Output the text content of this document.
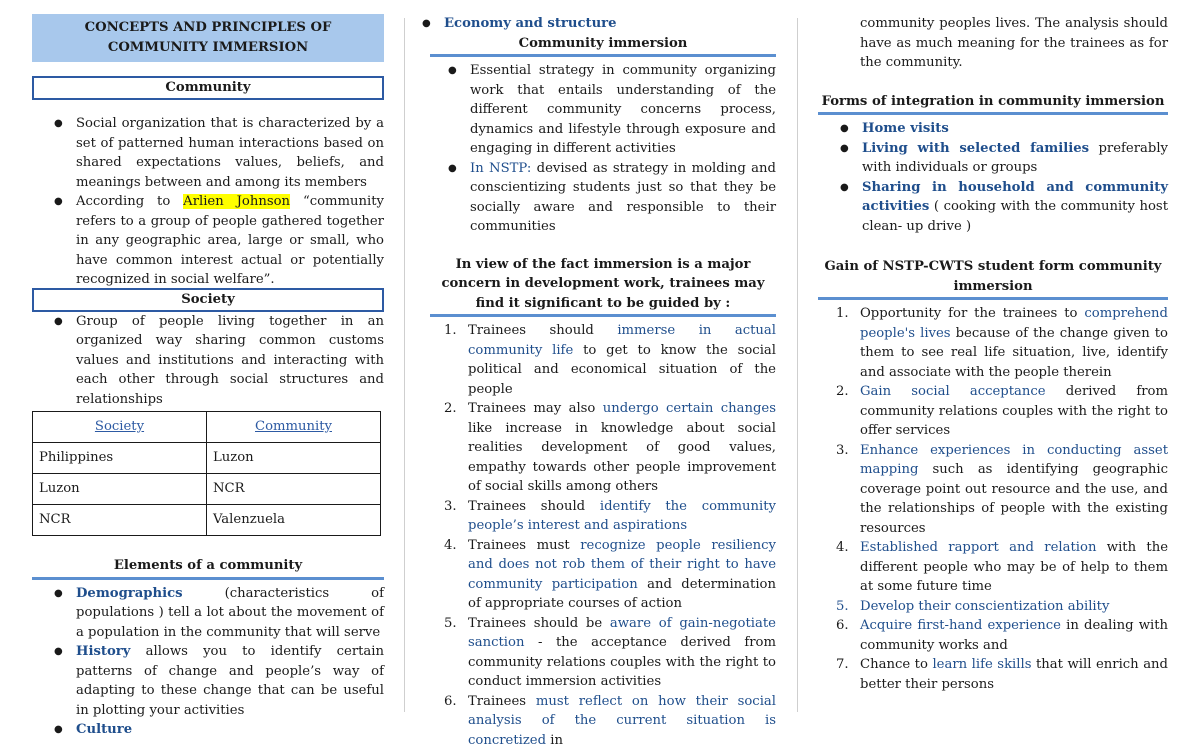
CONCEPTS AND PRINCIPLES OF COMMUNITY IMMERSION
Community
● Social organization that is characterized by a set of patterned human interactions based on shared expectations values, beliefs, and meanings between and among its members
● According to Arlien Johnson “community refers to a group of people gathered together in any geographic area, large or small, who have common interest actual or potentially recognized in social welfare”.
Society
● Group of people living together in an organized way sharing common customs values and institutions and interacting with each other through social structures and relationships
Society	Community
Philippines	Luzon
Luzon	NCR
NCR	Valenzuela
Elements of a community
● Demographics (characteristics of populations ) tell a lot about the movement of a population in the community that will serve
● History allows you to identify certain patterns of change and people’s way of adapting to these change that can be useful in plotting your activities
● Culture
● Economy and structure
Community immersion
● Essential strategy in community organizing work that entails understanding of the different community concerns process, dynamics and lifestyle through exposure and engaging in different activities
● In NSTP: devised as strategy in molding and conscientizing students just so that they be socially aware and responsible to their communities
In view of the fact immersion is a major concern in development work, trainees may find it significant to be guided by :
1. Trainees should immerse in actual community life to get to know the social political and economical situation of the people
2. Trainees may also undergo certain changes like increase in knowledge about social realities development of good values, empathy towards other people improvement of social skills among others
3. Trainees should identify the community people’s interest and aspirations
4. Trainees must recognize people resiliency and does not rob them of their right to have community participation and determination of appropriate courses of action
5. Trainees should be aware of gain-negotiate sanction - the acceptance derived from community relations couples with the right to conduct immersion activities
6. Trainees must reflect on how their social analysis of the current situation is concretized in
community peoples lives. The analysis should have as much meaning for the trainees as for the community.
Forms of integration in community immersion
● Home visits
● Living with selected families preferably with individuals or groups
● Sharing in household and community activities ( cooking with the community host clean- up drive )
Gain of NSTP-CWTS student form community immersion
1. Opportunity for the trainees to comprehend people's lives because of the change given to them to see real life situation, live, identify and associate with the people therein
2. Gain social acceptance derived from community relations couples with the right to offer services
3. Enhance experiences in conducting asset mapping such as identifying geographic coverage point out resource and the use, and the relationships of people with the existing resources
4. Established rapport and relation with the different people who may be of help to them at some future time
5. Develop their conscientization ability
6. Acquire first-hand experience in dealing with community works and
7. Chance to learn life skills that will enrich and better their persons
